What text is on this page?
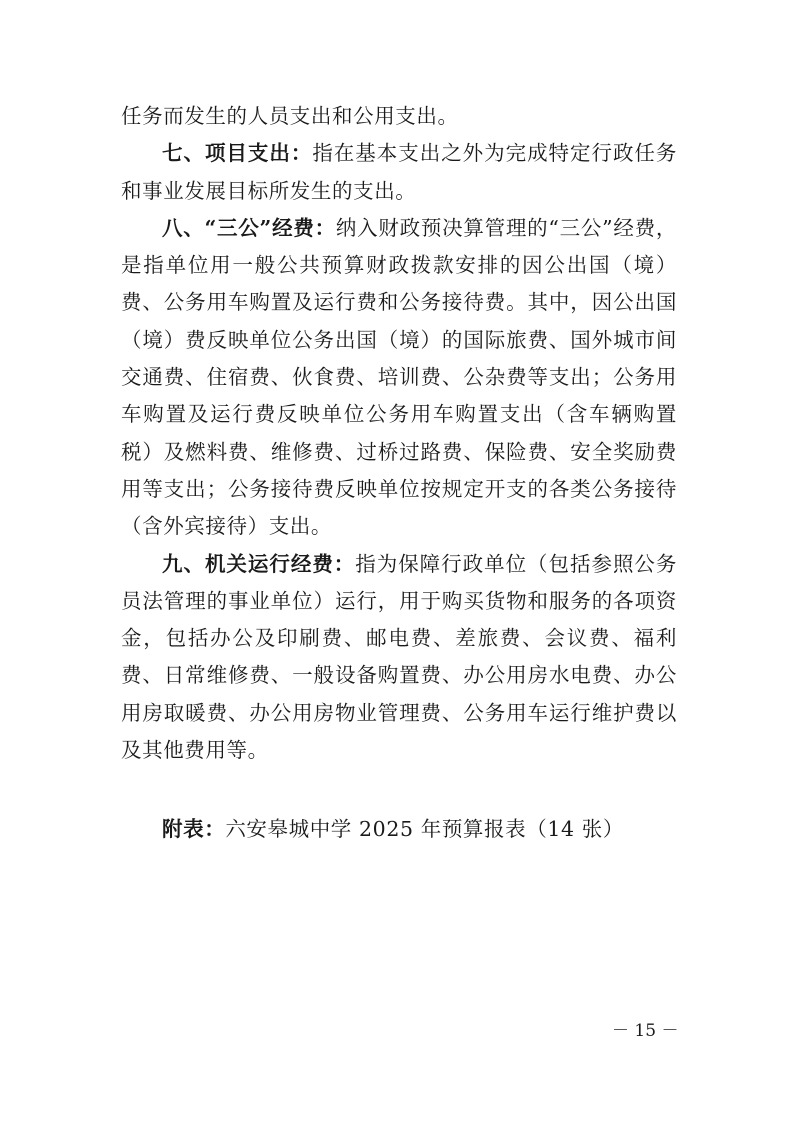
任务而发生的人员支出和公用支出。

七、项目支出：指在基本支出之外为完成特定行政任务和事业发展目标所发生的支出。

八、“三公”经费：纳入财政预决算管理的“三公”经费，是指单位用一般公共预算财政拨款安排的因公出国（境）费、公务用车购置及运行费和公务接待费。其中，因公出国（境）费反映单位公务出国（境）的国际旅费、国外城市间交通费、住宿费、伙食费、培训费、公杂费等支出；公务用车购置及运行费反映单位公务用车购置支出（含车辆购置税）及燃料费、维修费、过桥过路费、保险费、安全奖励费用等支出；公务接待费反映单位按规定开支的各类公务接待（含外宾接待）支出。

九、机关运行经费：指为保障行政单位（包括参照公务员法管理的事业单位）运行，用于购买货物和服务的各项资金，包括办公及印刷费、邮电费、差旅费、会议费、福利费、日常维修费、一般设备购置费、办公用房水电费、办公用房取暖费、办公用房物业管理费、公务用车运行维护费以及其他费用等。

附表：六安皋城中学 2025 年预算报表（14 张）
－ 15 －
